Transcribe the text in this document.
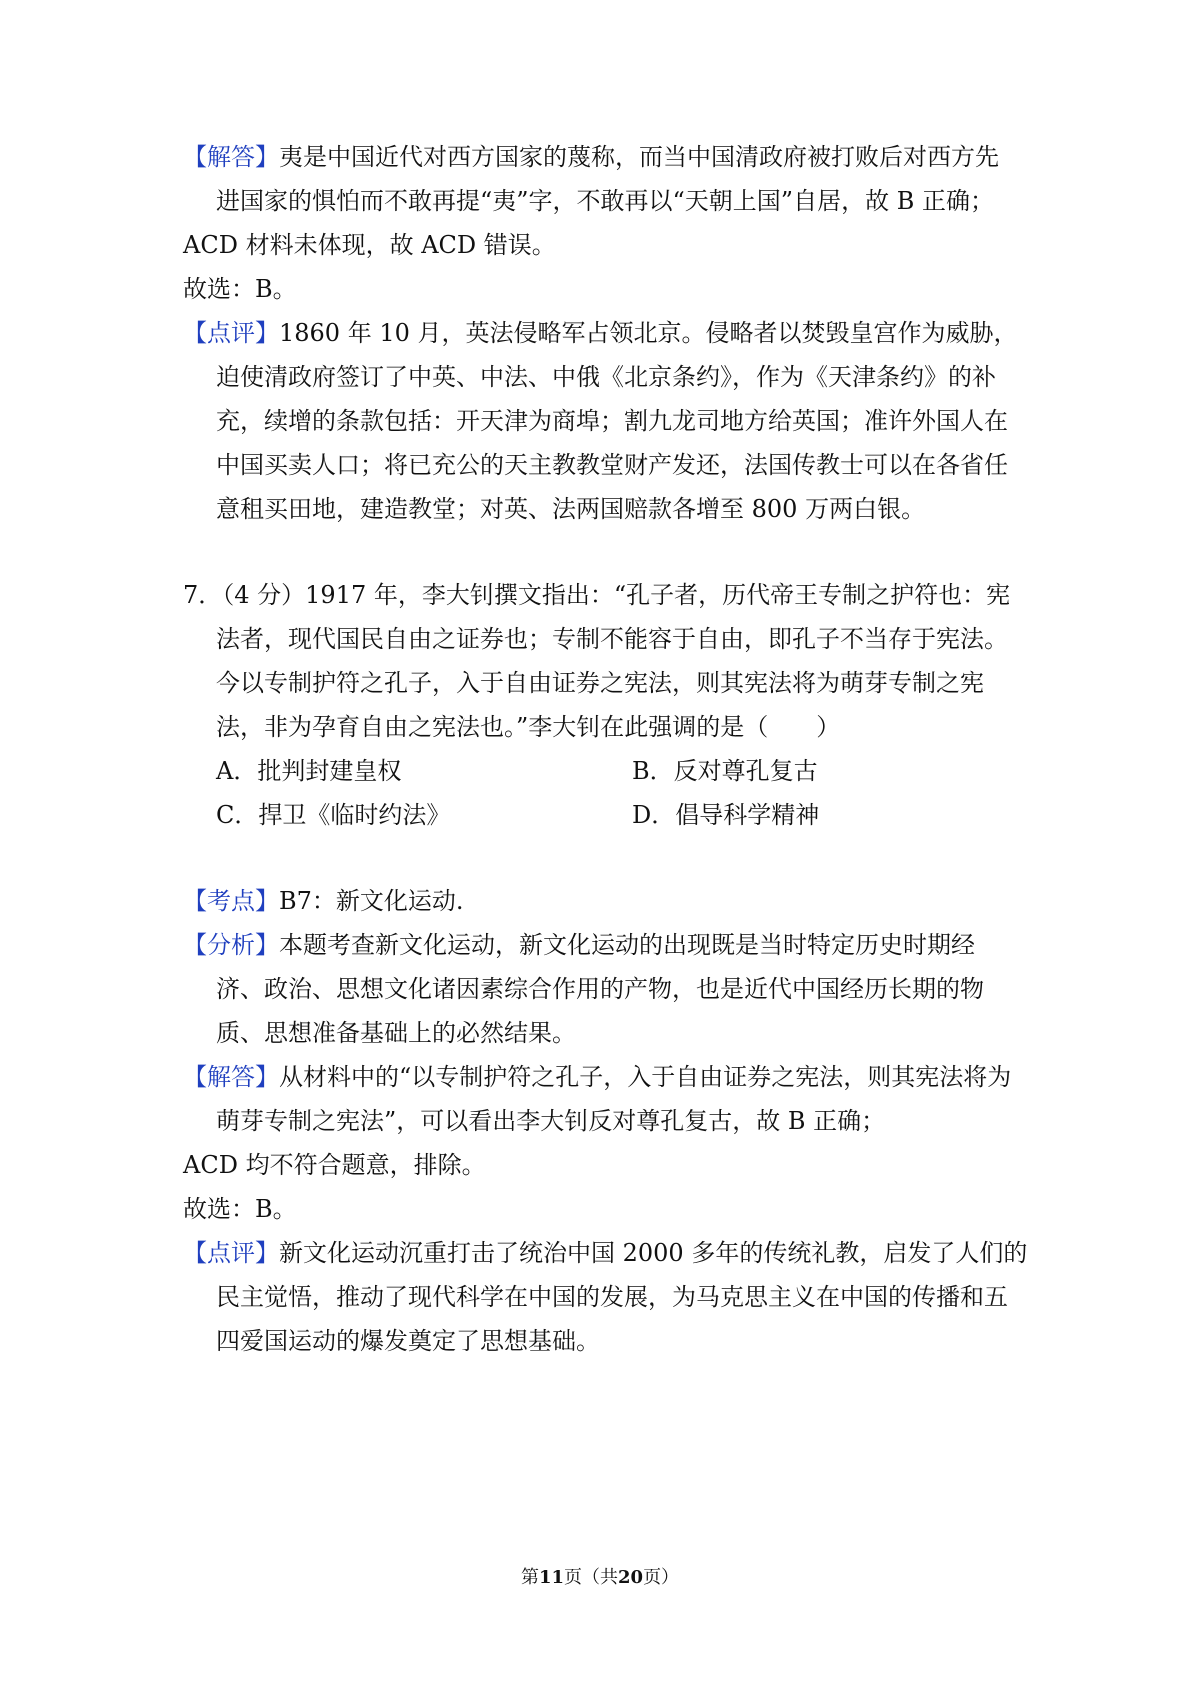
【解答】夷是中国近代对西方国家的蔑称，而当中国清政府被打败后对西方先
进国家的惧怕而不敢再提“夷”字，不敢再以“天朝上国”自居，故 B 正确；
ACD 材料未体现，故 ACD 错误。
故选：B。
【点评】1860 年 10 月，英法侵略军占领北京。侵略者以焚毁皇宫作为威胁，
迫使清政府签订了中英、中法、中俄《北京条约》，作为《天津条约》的补
充，续增的条款包括：开天津为商埠；割九龙司地方给英国；准许外国人在
中国买卖人口；将已充公的天主教教堂财产发还，法国传教士可以在各省任
意租买田地，建造教堂；对英、法两国赔款各增至 800 万两白银。
7．（4 分）1917 年，李大钊撰文指出：“孔子者，历代帝王专制之护符也：宪
法者，现代国民自由之证券也；专制不能容于自由，即孔子不当存于宪法。
今以专制护符之孔子，入于自由证券之宪法，则其宪法将为萌芽专制之宪
法，非为孕育自由之宪法也。”李大钊在此强调的是（　　）
A．批判封建皇权	B．反对尊孔复古
C．捍卫《临时约法》	D．倡导科学精神
【考点】B7：新文化运动.
【分析】本题考查新文化运动，新文化运动的出现既是当时特定历史时期经
济、政治、思想文化诸因素综合作用的产物，也是近代中国经历长期的物
质、思想准备基础上的必然结果。
【解答】从材料中的“以专制护符之孔子，入于自由证券之宪法，则其宪法将为
萌芽专制之宪法”，可以看出李大钊反对尊孔复古，故 B 正确；
ACD 均不符合题意，排除。
故选：B。
【点评】新文化运动沉重打击了统治中国 2000 多年的传统礼教，启发了人们的
民主觉悟，推动了现代科学在中国的发展，为马克思主义在中国的传播和五
四爱国运动的爆发奠定了思想基础。
第11页（共20页）
